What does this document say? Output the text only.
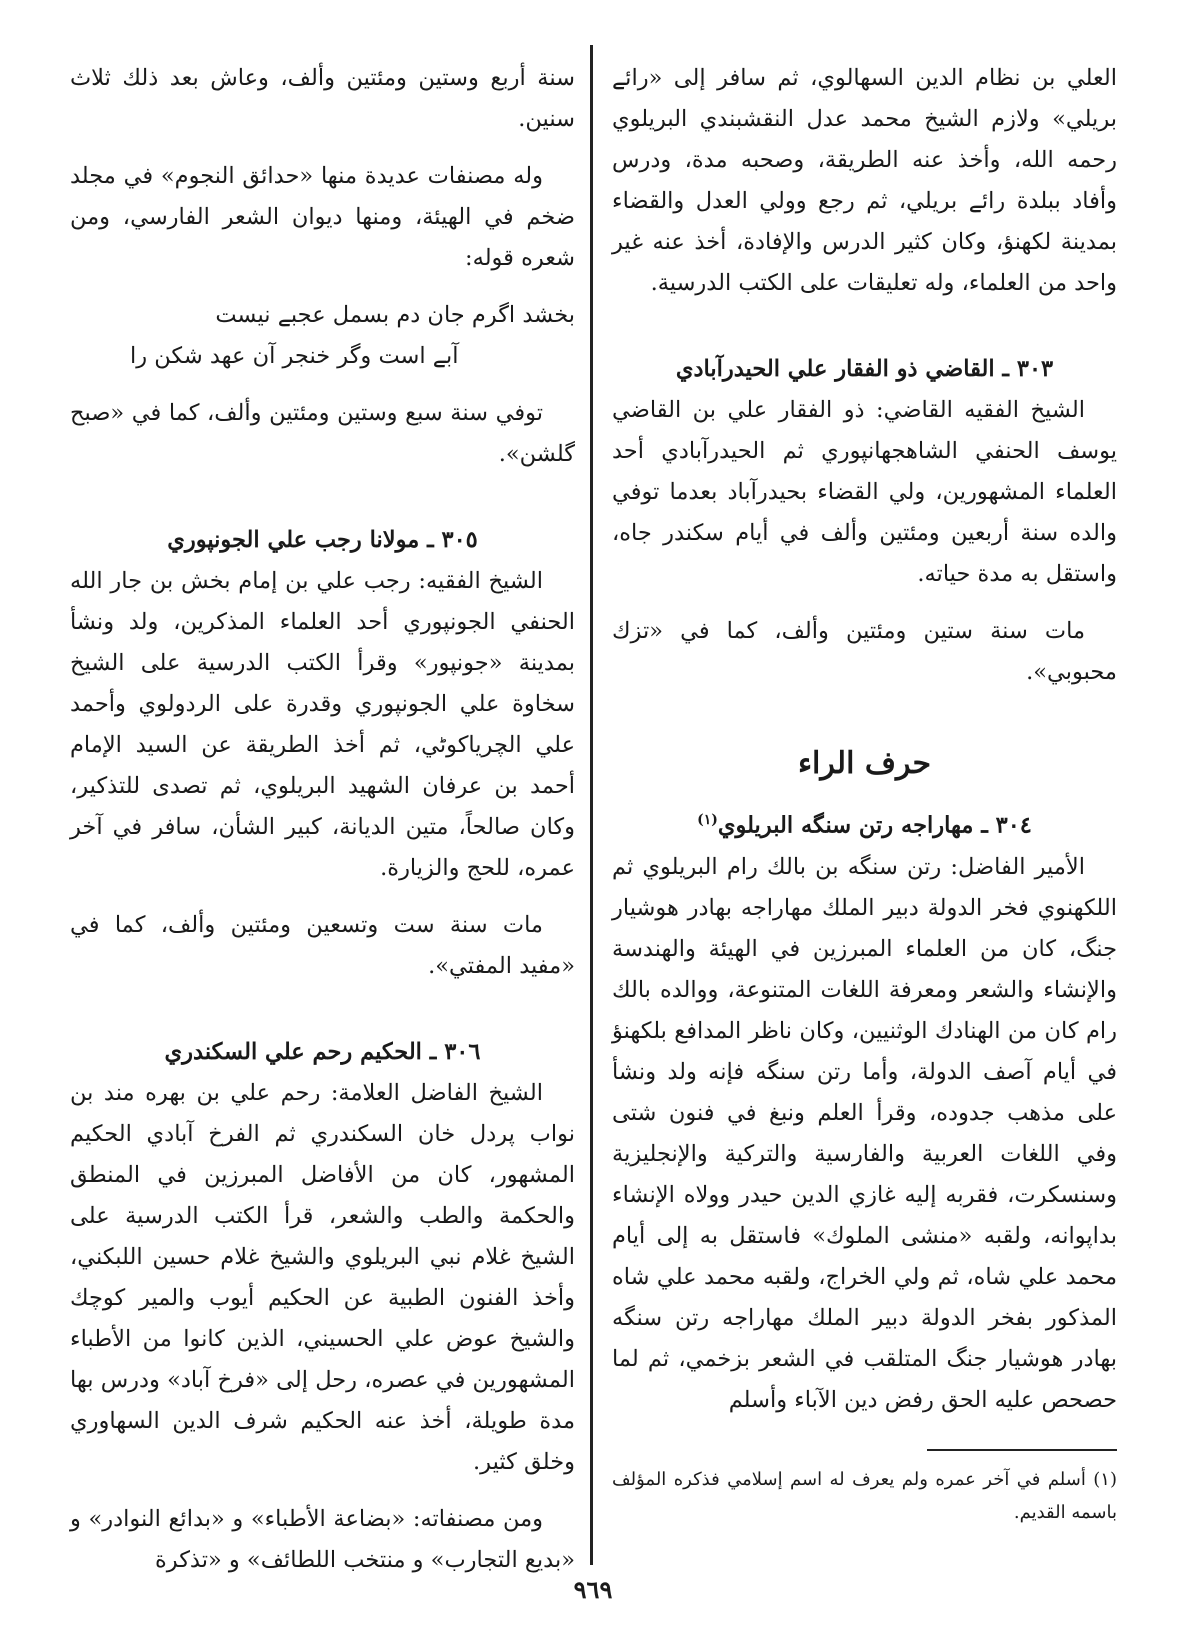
العلي بن نظام الدين السهالوي، ثم سافر إلى «رائے بريلي» ولازم الشيخ محمد عدل النقشبندي البريلوي رحمه الله، وأخذ عنه الطريقة، وصحبه مدة، ودرس وأفاد ببلدة رائے بريلي، ثم رجع وولي العدل والقضاء بمدينة لكهنؤ، وكان كثير الدرس والإفادة، أخذ عنه غير واحد من العلماء، وله تعليقات على الكتب الدرسية.

٣٠٣ ـ القاضي ذو الفقار علي الحيدرآبادي

الشيخ الفقيه القاضي: ذو الفقار علي بن القاضي يوسف الحنفي الشاهجهانپوري ثم الحيدرآبادي أحد العلماء المشهورين، ولي القضاء بحيدرآباد بعدما توفي والده سنة أربعين ومئتين وألف في أيام سكندر جاه، واستقل به مدة حياته.

مات سنة ستين ومئتين وألف، كما في «تزك محبوبي».

حرف الراء
٣٠٤ ـ مهاراجه رتن سنگه البريلوي$^{(١)}$

الأمير الفاضل: رتن سنگه بن بالك رام البريلوي ثم اللكهنوي فخر الدولة دبير الملك مهاراجه بهادر هوشيار جنگ، كان من العلماء المبرزين في الهيئة والهندسة والإنشاء والشعر ومعرفة اللغات المتنوعة، ووالده بالك رام كان من الهنادك الوثنيين، وكان ناظر المدافع بلكهنؤ في أيام آصف الدولة، وأما رتن سنگه فإنه ولد ونشأ على مذهب جدوده، وقرأ العلم ونبغ في فنون شتى وفي اللغات العربية والفارسية والتركية والإنجليزية وسنسكرت، فقربه إليه غازي الدين حيدر وولاه الإنشاء بداپوانه، ولقبه «منشى الملوك» فاستقل به إلى أيام محمد علي شاه، ثم ولي الخراج، ولقبه محمد علي شاه المذكور بفخر الدولة دبير الملك مهاراجه رتن سنگه بهادر هوشيار جنگ المتلقب في الشعر بزخمي، ثم لما حصحص عليه الحق رفض دين الآباء وأسلم

(١) أسلم في آخر عمره ولم يعرف له اسم إسلامي فذكره المؤلف باسمه القديم.

سنة أربع وستين ومئتين وألف، وعاش بعد ذلك ثلاث سنين.

وله مصنفات عديدة منها «حدائق النجوم» في مجلد ضخم في الهيئة، ومنها ديوان الشعر الفارسي، ومن شعره قوله:

بخشد اگرم جان دم بسمل عجبے نيست
آبے است وگر خنجر آن عهد شكن را

توفي سنة سبع وستين ومئتين وألف، كما في «صبح گلشن».

٣٠٥ ـ مولانا رجب علي الجونپوري

الشيخ الفقيه: رجب علي بن إمام بخش بن جار الله الحنفي الجونپوري أحد العلماء المذكرين، ولد ونشأ بمدينة «جونپور» وقرأ الكتب الدرسية على الشيخ سخاوة علي الجونپوري وقدرة على الردولوي وأحمد علي الچرياكوٹي، ثم أخذ الطريقة عن السيد الإمام أحمد بن عرفان الشهيد البريلوي، ثم تصدى للتذكير، وكان صالحاً، متين الديانة، كبير الشأن، سافر في آخر عمره، للحج والزيارة.

مات سنة ست وتسعين ومئتين وألف، كما في «مفيد المفتي».

٣٠٦ ـ الحكيم رحم علي السكندري

الشيخ الفاضل العلامة: رحم علي بن بهره مند بن نواب پردل خان السكندري ثم الفرخ آبادي الحكيم المشهور، كان من الأفاضل المبرزين في المنطق والحكمة والطب والشعر، قرأ الكتب الدرسية على الشيخ غلام نبي البريلوي والشيخ غلام حسين اللبكني، وأخذ الفنون الطبية عن الحكيم أيوب والمير كوچك والشيخ عوض علي الحسيني، الذين كانوا من الأطباء المشهورين في عصره، رحل إلى «فرخ آباد» ودرس بها مدة طويلة، أخذ عنه الحكيم شرف الدين السهاوري وخلق كثير.

ومن مصنفاته: «بضاعة الأطباء» و «بدائع النوادر» و «بديع التجارب» و منتخب اللطائف» و «تذكرة

٩٦٩
